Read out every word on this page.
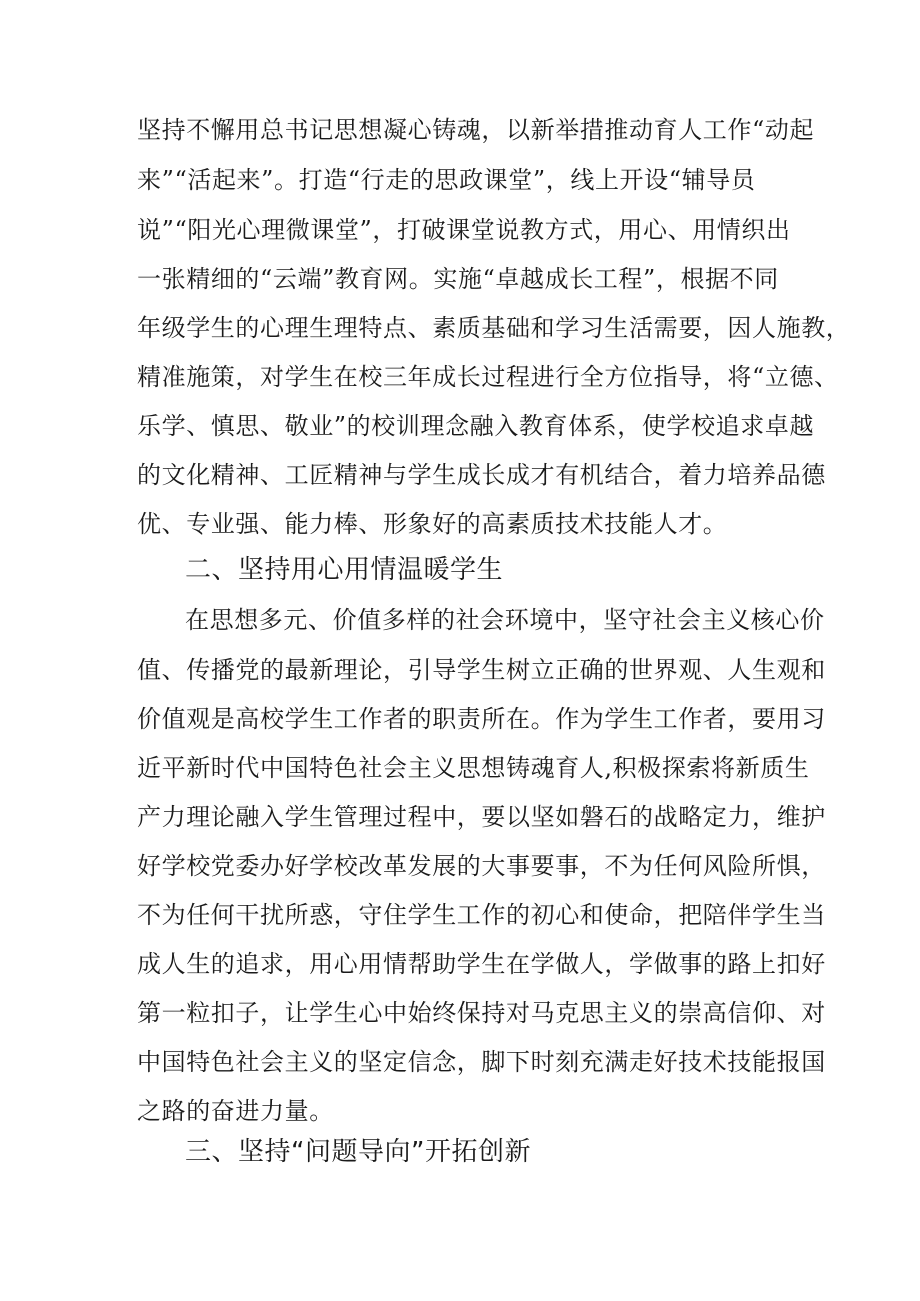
坚持不懈用总书记思想凝心铸魂，以新举措推动育人工作“动起
来”“活起来”。打造“行走的思政课堂”，线上开设“辅导员
说”“阳光心理微课堂”，打破课堂说教方式，用心、用情织出
一张精细的“云端”教育网。实施“卓越成长工程”，根据不同
年级学生的心理生理特点、素质基础和学习生活需要，因人施教，
精准施策，对学生在校三年成长过程进行全方位指导，将“立德、
乐学、慎思、敬业”的校训理念融入教育体系，使学校追求卓越
的文化精神、工匠精神与学生成长成才有机结合，着力培养品德
优、专业强、能力棒、形象好的高素质技术技能人才。
二、坚持用心用情温暖学生
在思想多元、价值多样的社会环境中，坚守社会主义核心价
值、传播党的最新理论，引导学生树立正确的世界观、人生观和
价值观是高校学生工作者的职责所在。作为学生工作者，要用习
近平新时代中国特色社会主义思想铸魂育人,积极探索将新质生
产力理论融入学生管理过程中，要以坚如磐石的战略定力，维护
好学校党委办好学校改革发展的大事要事，不为任何风险所惧，
不为任何干扰所惑，守住学生工作的初心和使命，把陪伴学生当
成人生的追求，用心用情帮助学生在学做人，学做事的路上扣好
第一粒扣子，让学生心中始终保持对马克思主义的崇高信仰、对
中国特色社会主义的坚定信念，脚下时刻充满走好技术技能报国
之路的奋进力量。
三、坚持“问题导向”开拓创新
